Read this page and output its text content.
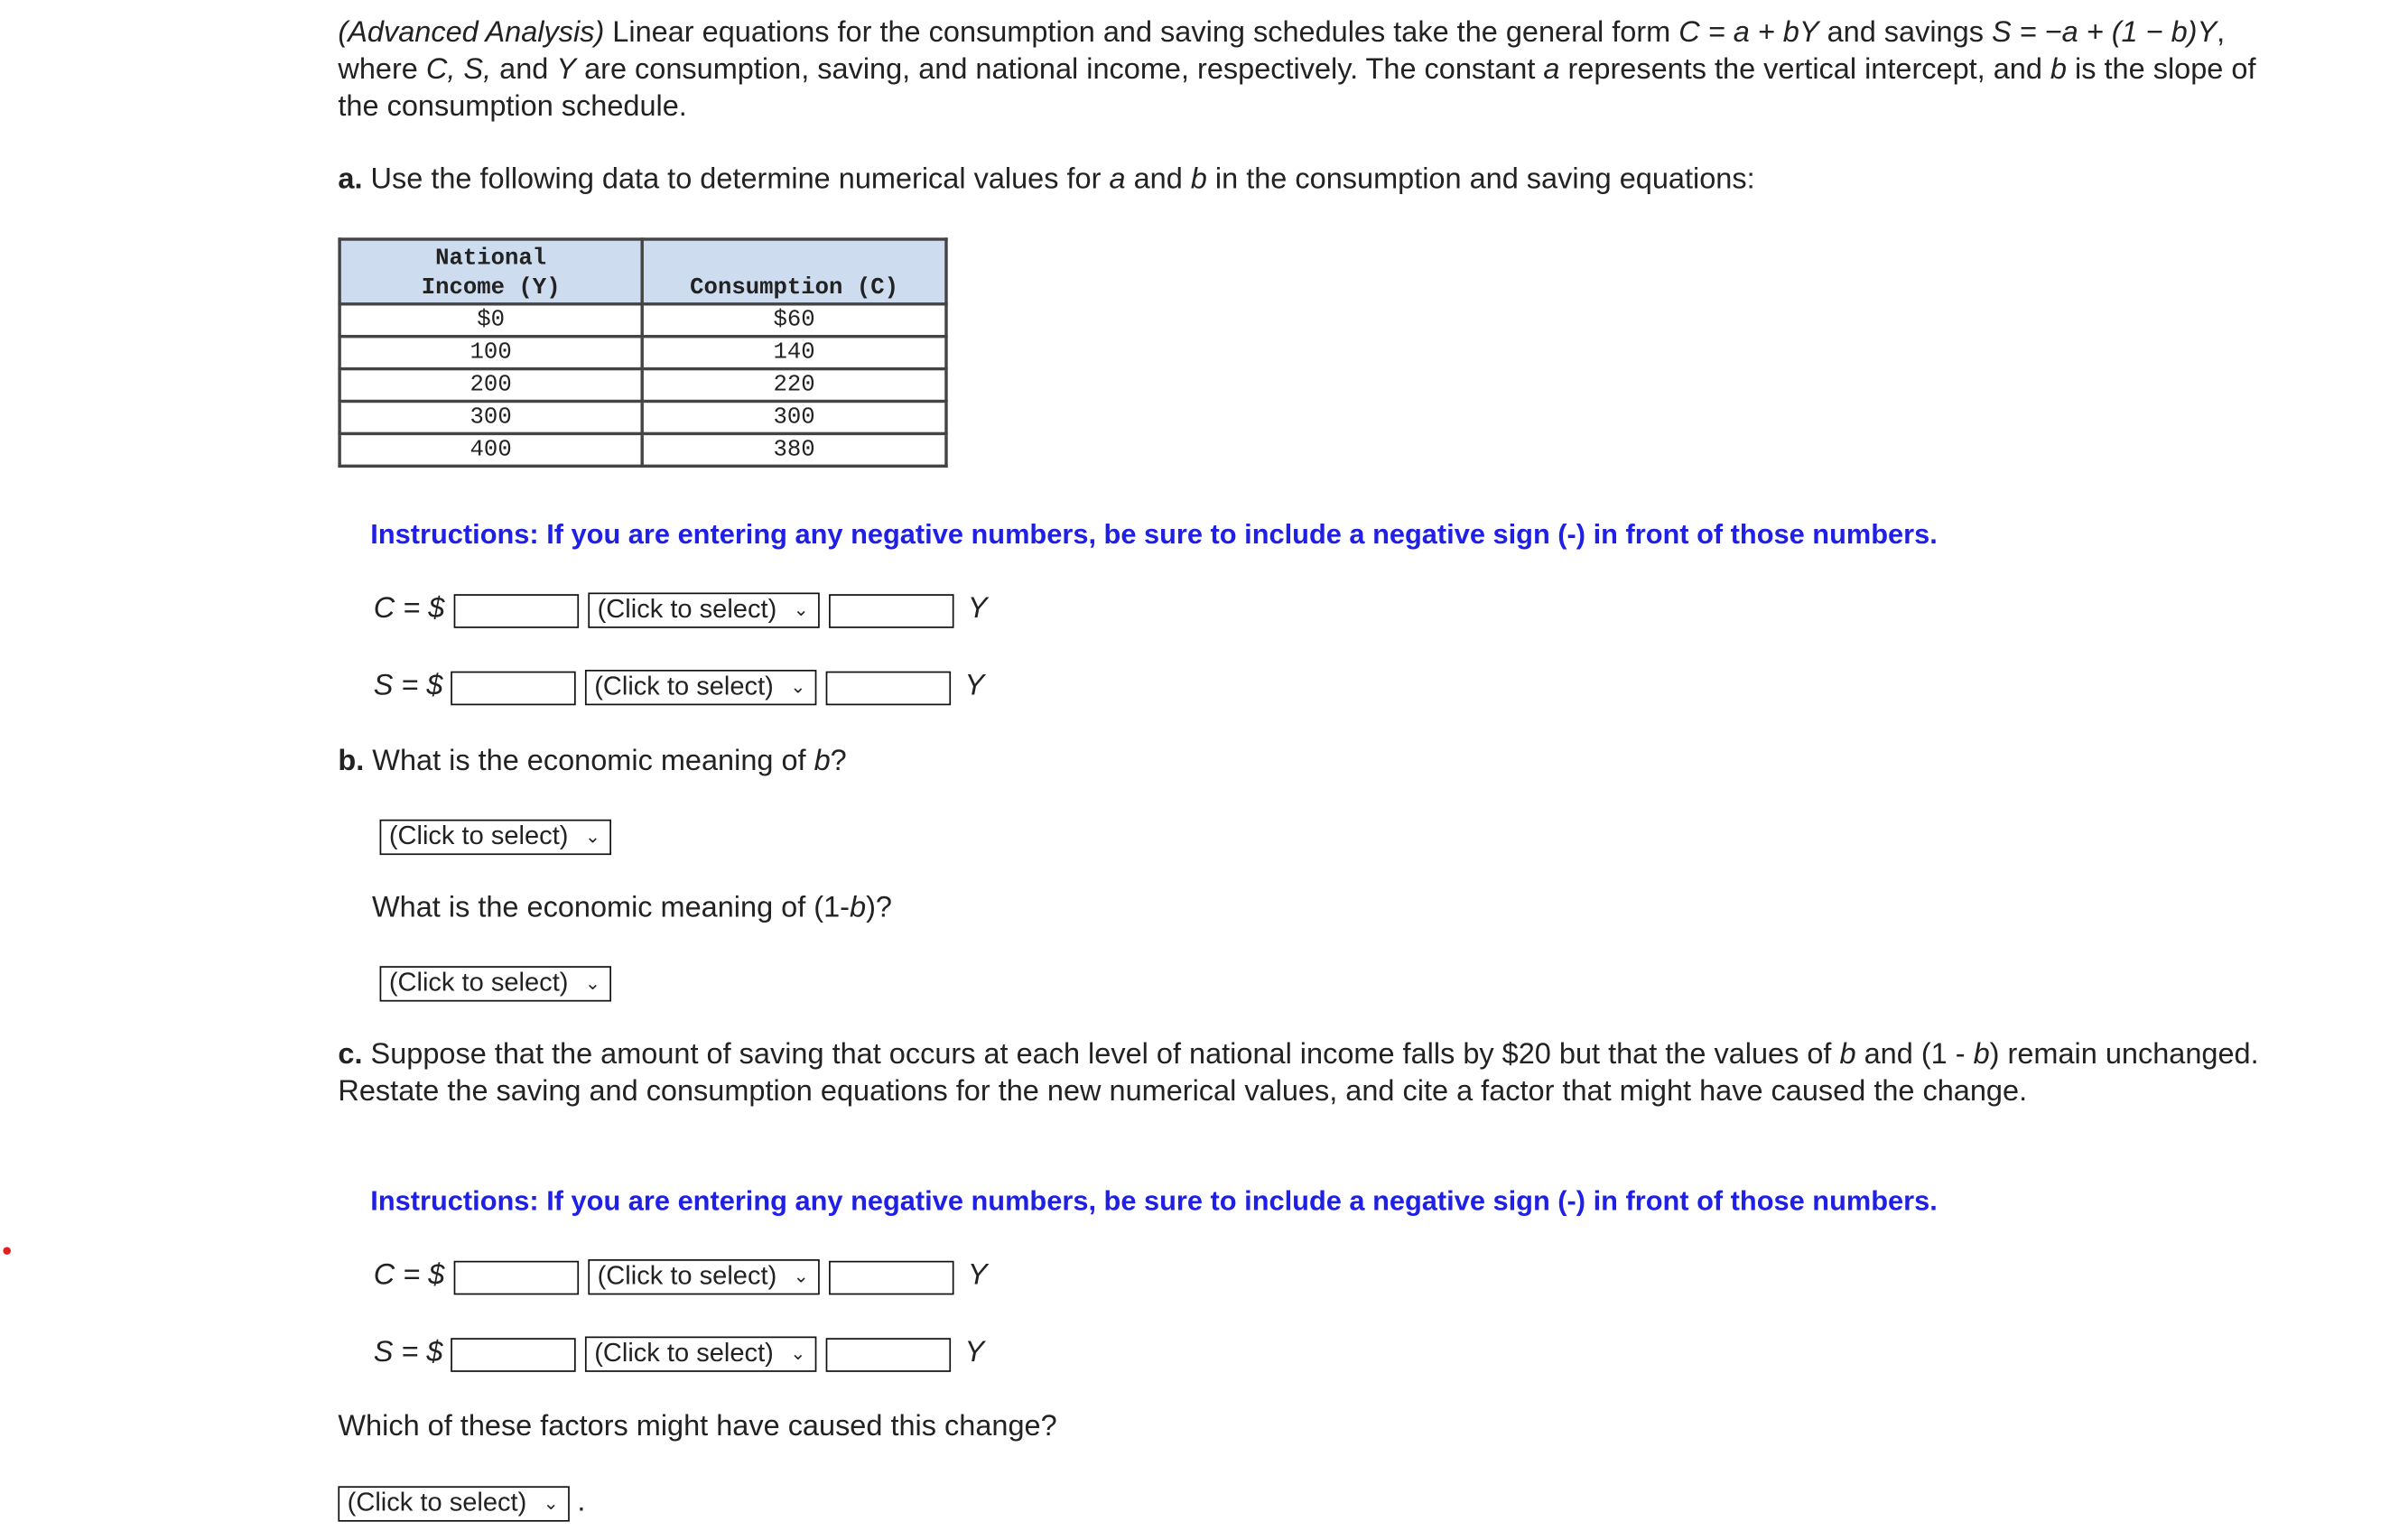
(Advanced Analysis) Linear equations for the consumption and saving schedules take the general form C = a + bY and savings S = −a + (1 − b)Y, where C, S, and Y are consumption, saving, and national income, respectively. The constant a represents the vertical intercept, and b is the slope of the consumption schedule.
a. Use the following data to determine numerical values for a and b in the consumption and saving equations:
National
Income (Y)	Consumption (C)
$0	$60
100	140
200	220
300	300
400	380
Instructions: If you are entering any negative numbers, be sure to include a negative sign (-) in front of those numbers.
C = $	(Click to select) ⌄	Y
S = $	(Click to select) ⌄	Y
b. What is the economic meaning of b?
(Click to select) ⌄
What is the economic meaning of (1-b)?
(Click to select) ⌄
c. Suppose that the amount of saving that occurs at each level of national income falls by $20 but that the values of b and (1 - b) remain unchanged. Restate the saving and consumption equations for the new numerical values, and cite a factor that might have caused the change.
Instructions: If you are entering any negative numbers, be sure to include a negative sign (-) in front of those numbers.
C = $	(Click to select) ⌄	Y
S = $	(Click to select) ⌄	Y
Which of these factors might have caused this change?
(Click to select) ⌄ .
